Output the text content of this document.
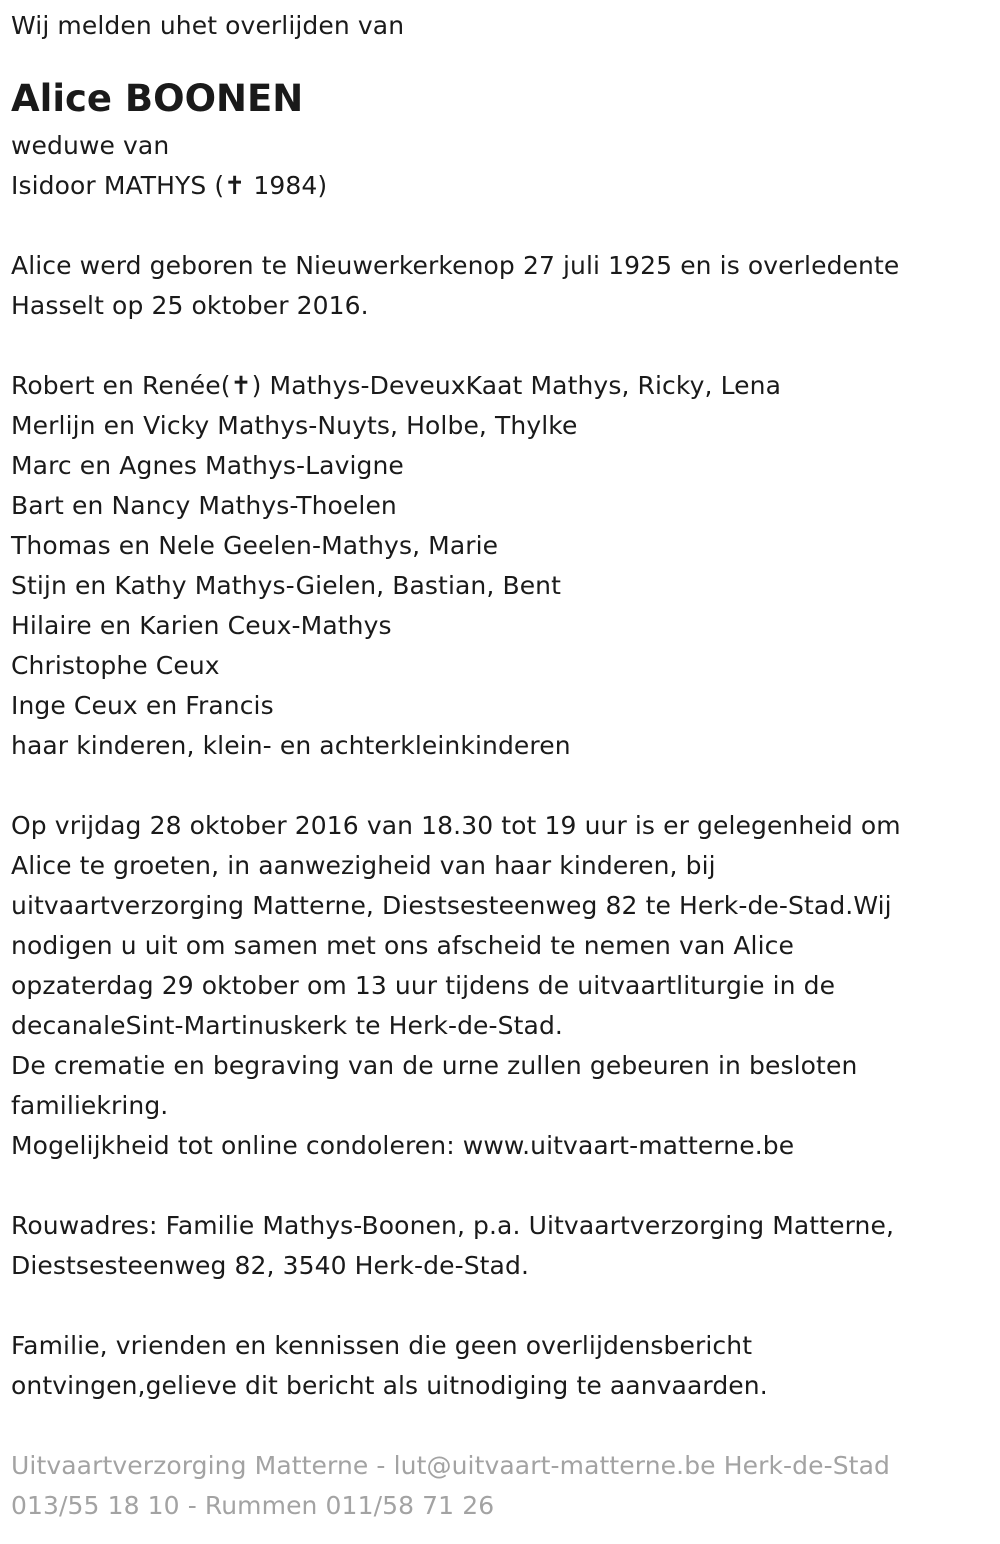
Wij melden uhet overlijden van
Alice BOONEN
weduwe van
Isidoor MATHYS (✝ 1984)
Alice werd geboren te Nieuwerkerkenop 27 juli 1925 en is overledente
Hasselt op 25 oktober 2016.
Robert en Renée(✝) Mathys-DeveuxKaat Mathys, Ricky, Lena
Merlijn en Vicky Mathys-Nuyts, Holbe, Thylke
Marc en Agnes Mathys-Lavigne
Bart en Nancy Mathys-Thoelen
Thomas en Nele Geelen-Mathys, Marie
Stijn en Kathy Mathys-Gielen, Bastian, Bent
Hilaire en Karien Ceux-Mathys
Christophe Ceux
Inge Ceux en Francis
haar kinderen, klein- en achterkleinkinderen
Op vrijdag 28 oktober 2016 van 18.30 tot 19 uur is er gelegenheid om
Alice te groeten, in aanwezigheid van haar kinderen, bij
uitvaartverzorging Matterne, Diestsesteenweg 82 te Herk-de-Stad.Wij
nodigen u uit om samen met ons afscheid te nemen van Alice
opzaterdag 29 oktober om 13 uur tijdens de uitvaartliturgie in de
decanaleSint-Martinuskerk te Herk-de-Stad.
De crematie en begraving van de urne zullen gebeuren in besloten
familiekring.
Mogelijkheid tot online condoleren: www.uitvaart-matterne.be
Rouwadres: Familie Mathys-Boonen, p.a. Uitvaartverzorging Matterne,
Diestsesteenweg 82, 3540 Herk-de-Stad.
Familie, vrienden en kennissen die geen overlijdensbericht
ontvingen,gelieve dit bericht als uitnodiging te aanvaarden.
Uitvaartverzorging Matterne - lut@uitvaart-matterne.be Herk-de-Stad
013/55 18 10 - Rummen 011/58 71 26
